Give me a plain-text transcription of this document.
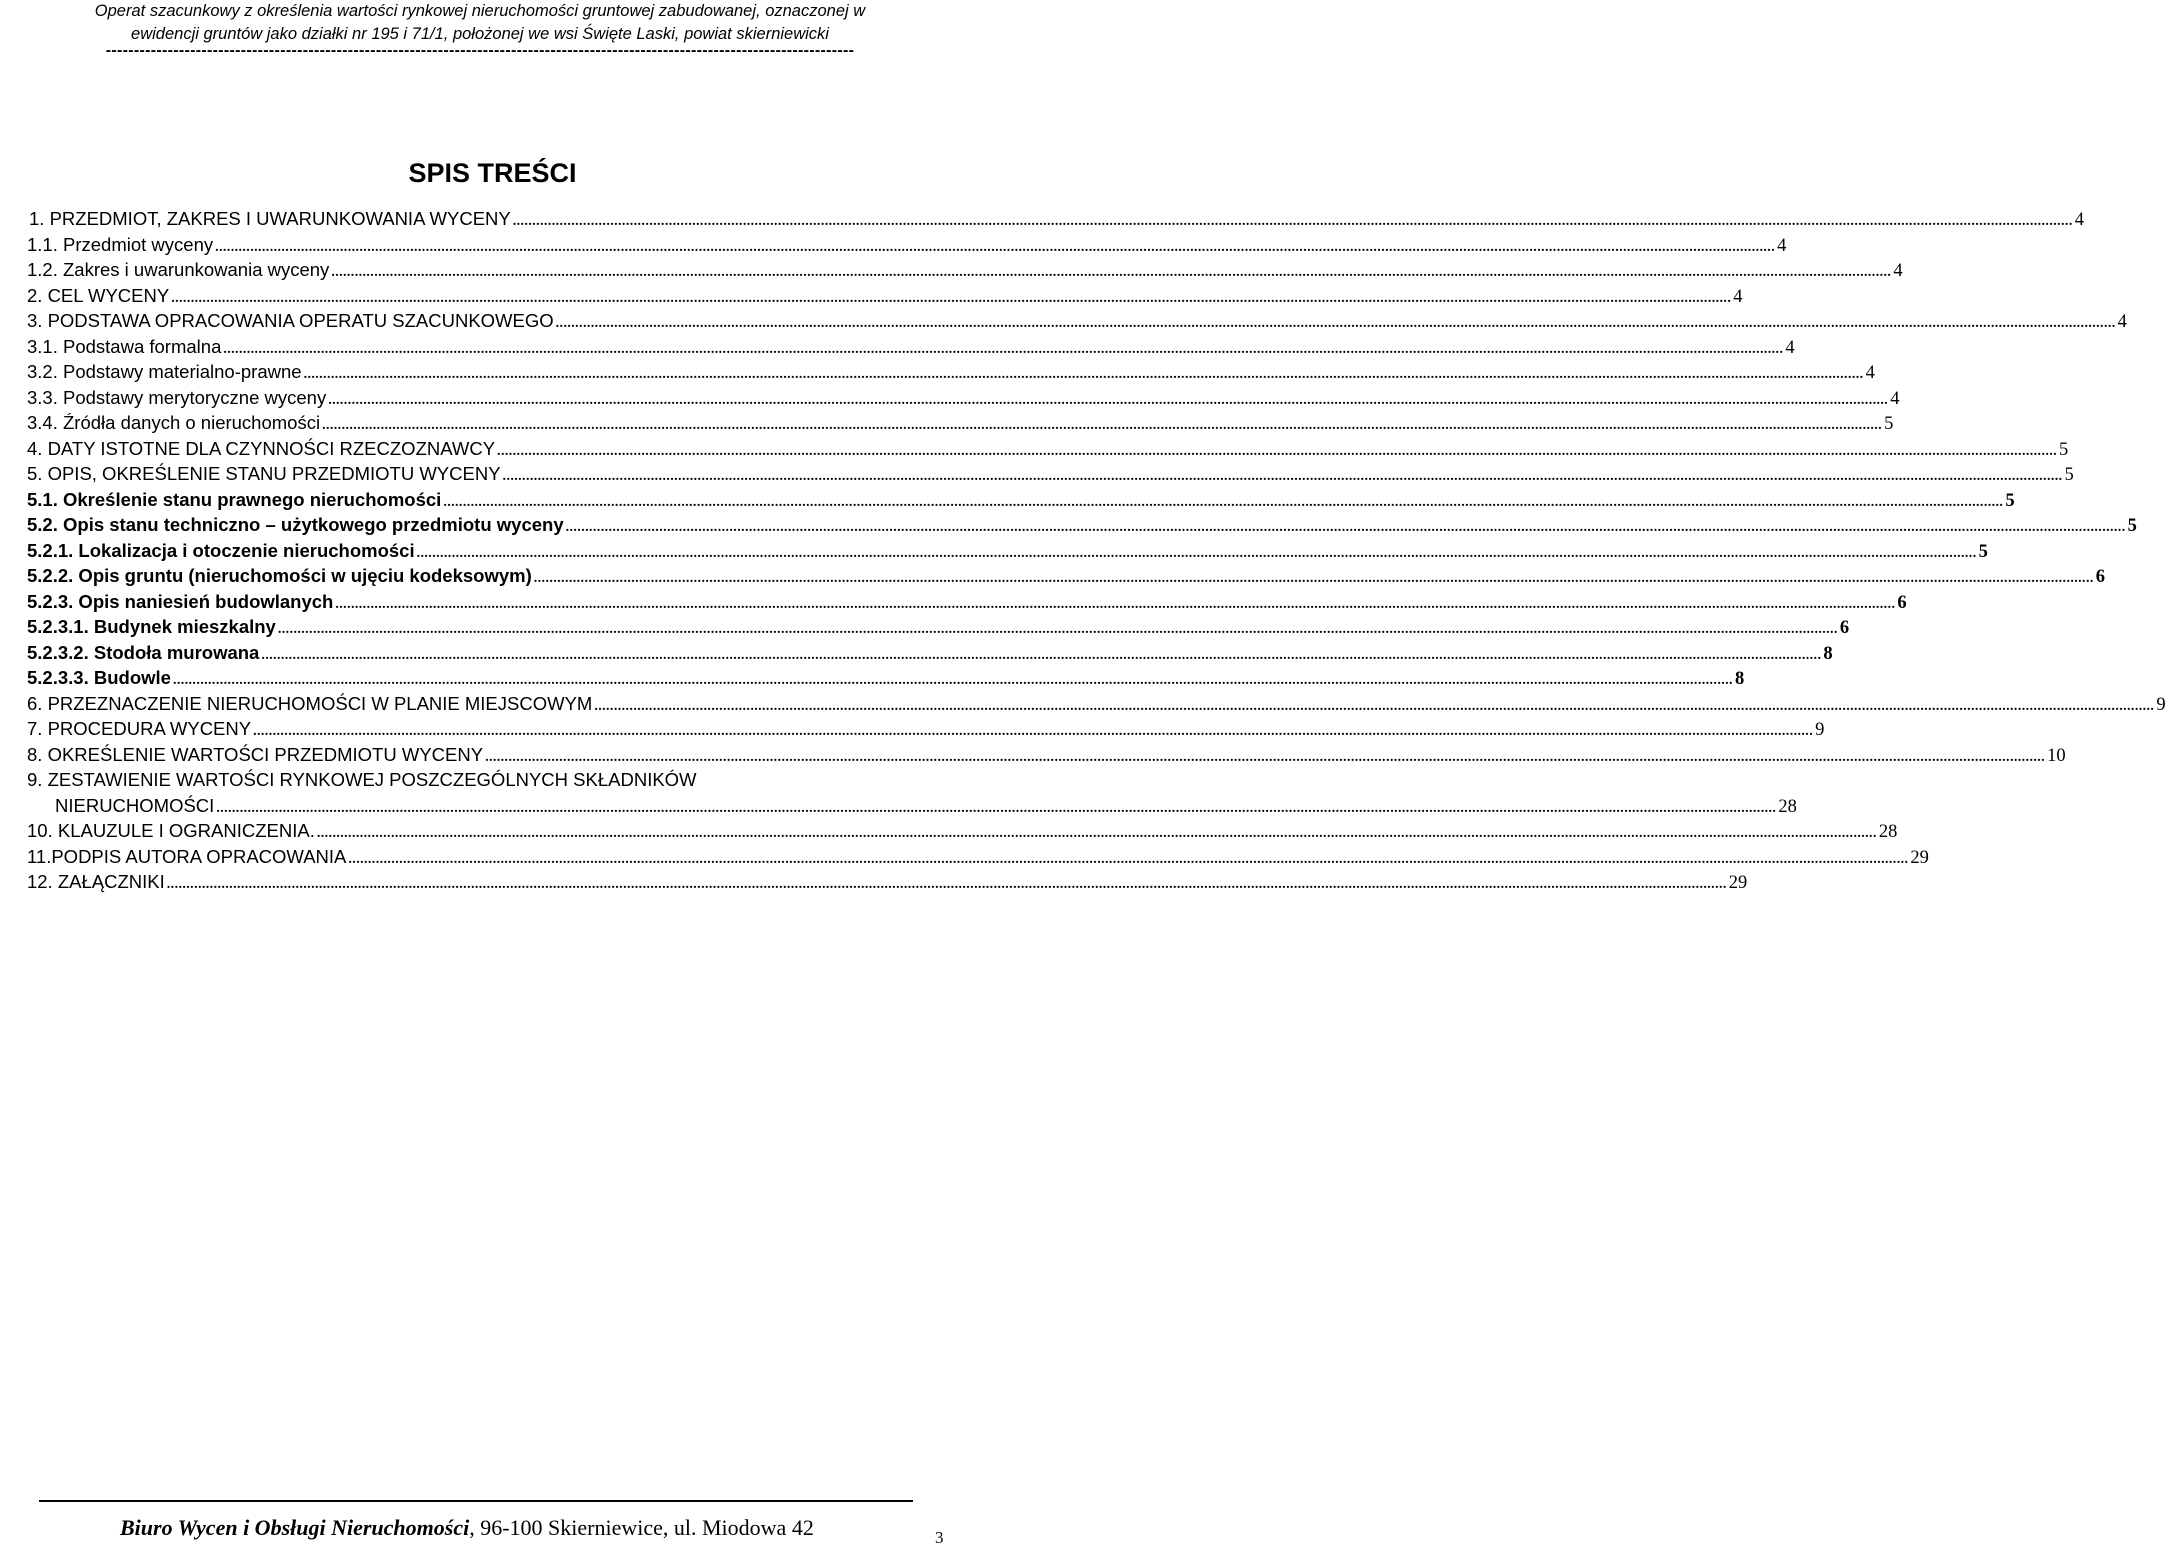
Operat szacunkowy z określenia wartości rynkowej nieruchomości gruntowej zabudowanej, oznaczonej w
ewidencji gruntów jako działki nr 195 i 71/1, położonej we wsi Święte Laski, powiat skierniewicki
-------------------------------------------------------------------------------------------------------------------------------------
SPIS TREŚCI
1. PRZEDMIOT, ZAKRES I UWARUNKOWANIA WYCENY ................................................................................................................................................................................................................................................................................................................................................................................................................ 4
1.1. Przedmiot wyceny ................................................................................................................................................................................................................................................................................................................................................................................................................ 4
1.2. Zakres i uwarunkowania wyceny ................................................................................................................................................................................................................................................................................................................................................................................................................ 4
2. CEL WYCENY ................................................................................................................................................................................................................................................................................................................................................................................................................ 4
3. PODSTAWA OPRACOWANIA OPERATU SZACUNKOWEGO ................................................................................................................................................................................................................................................................................................................................................................................................................ 4
3.1. Podstawa formalna ................................................................................................................................................................................................................................................................................................................................................................................................................ 4
3.2. Podstawy materialno-prawne ................................................................................................................................................................................................................................................................................................................................................................................................................ 4
3.3. Podstawy merytoryczne wyceny ................................................................................................................................................................................................................................................................................................................................................................................................................ 4
3.4. Źródła danych o nieruchomości ................................................................................................................................................................................................................................................................................................................................................................................................................ 5
4. DATY ISTOTNE DLA CZYNNOŚCI RZECZOZNAWCY ................................................................................................................................................................................................................................................................................................................................................................................................................ 5
5. OPIS, OKREŚLENIE STANU PRZEDMIOTU WYCENY ................................................................................................................................................................................................................................................................................................................................................................................................................ 5
5.1. Określenie stanu prawnego nieruchomości ................................................................................................................................................................................................................................................................................................................................................................................................................ 5
5.2. Opis stanu techniczno – użytkowego przedmiotu wyceny ................................................................................................................................................................................................................................................................................................................................................................................................................ 5
5.2.1. Lokalizacja i otoczenie nieruchomości ................................................................................................................................................................................................................................................................................................................................................................................................................ 5
5.2.2. Opis gruntu (nieruchomości w ujęciu kodeksowym) ................................................................................................................................................................................................................................................................................................................................................................................................................ 6
5.2.3. Opis naniesień budowlanych ................................................................................................................................................................................................................................................................................................................................................................................................................ 6
5.2.3.1. Budynek mieszkalny ................................................................................................................................................................................................................................................................................................................................................................................................................ 6
5.2.3.2. Stodoła murowana ................................................................................................................................................................................................................................................................................................................................................................................................................ 8
5.2.3.3. Budowle ................................................................................................................................................................................................................................................................................................................................................................................................................ 8
6. PRZEZNACZENIE NIERUCHOMOŚCI W PLANIE MIEJSCOWYM ................................................................................................................................................................................................................................................................................................................................................................................................................ 9
7. PROCEDURA WYCENY ................................................................................................................................................................................................................................................................................................................................................................................................................ 9
8. OKREŚLENIE WARTOŚCI PRZEDMIOTU WYCENY ................................................................................................................................................................................................................................................................................................................................................................................................................ 10
9. ZESTAWIENIE WARTOŚCI RYNKOWEJ POSZCZEGÓLNYCH SKŁADNIKÓW
NIERUCHOMOŚCI ................................................................................................................................................................................................................................................................................................................................................................................................................ 28
10. KLAUZULE I OGRANICZENIA. ................................................................................................................................................................................................................................................................................................................................................................................................................ 28
11.PODPIS AUTORA OPRACOWANIA ................................................................................................................................................................................................................................................................................................................................................................................................................ 29
12. ZAŁĄCZNIKI ................................................................................................................................................................................................................................................................................................................................................................................................................ 29
Biuro Wycen i Obsługi Nieruchomości, 96-100 Skierniewice, ul. Miodowa 42	3
